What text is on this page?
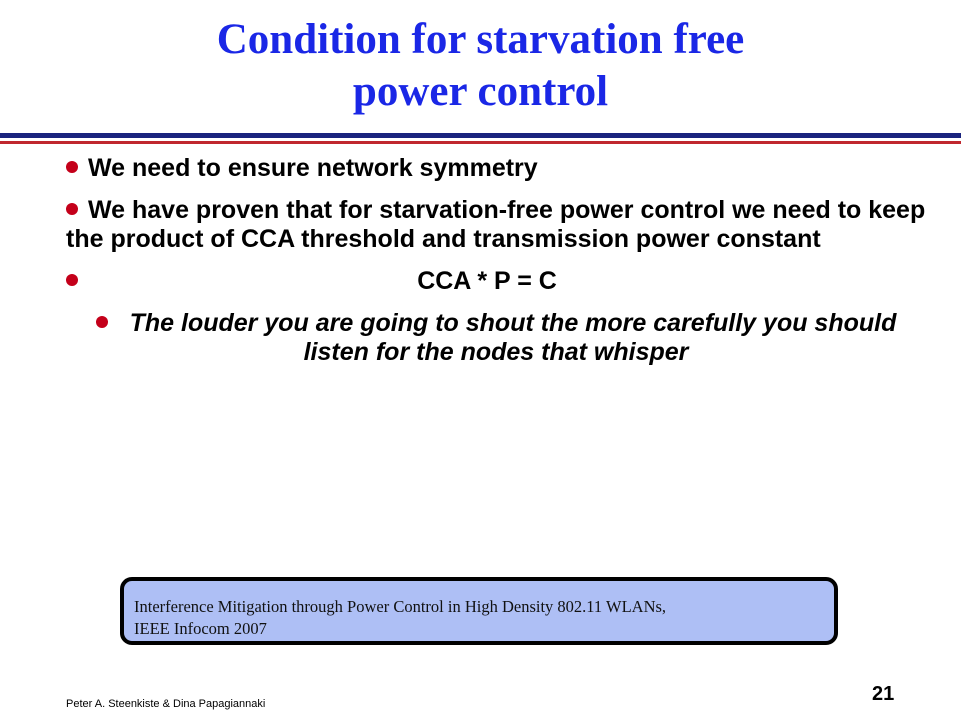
Condition for starvation free
power control
We need to ensure network symmetry
We have proven that for starvation-free power control we need to keep the product of CCA threshold and transmission power constant
CCA * P = C
The louder you are going to shout the more carefully you should listen for the nodes that whisper
Interference Mitigation through Power Control in High Density 802.11 WLANs,
IEEE Infocom 2007
Peter A. Steenkiste & Dina Papagiannaki	21
